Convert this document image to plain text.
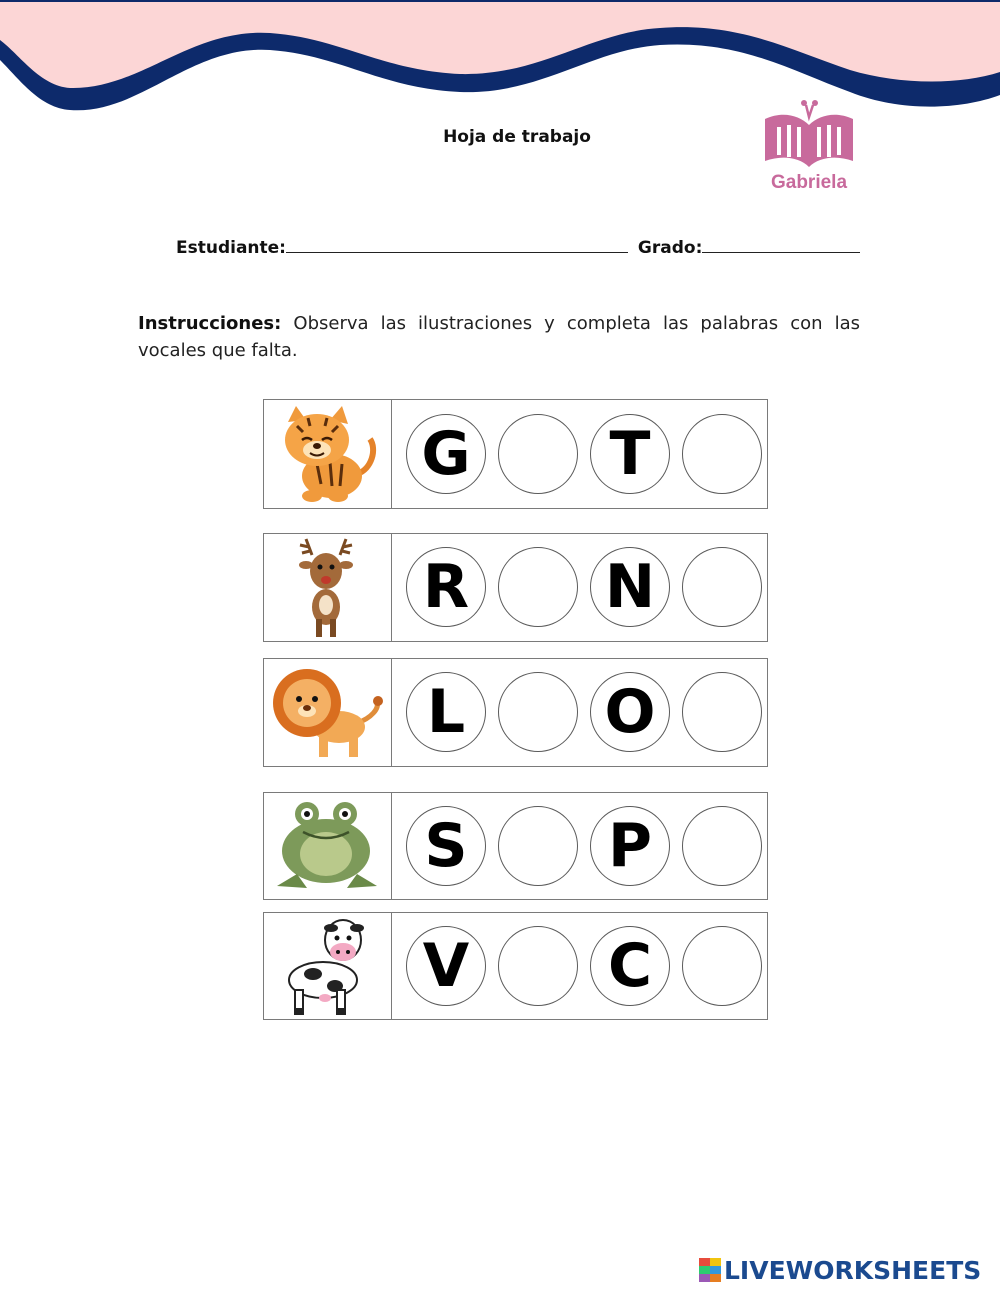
Hoja de trabajo
Gabriela
Estudiante:	Grado:
Instrucciones: Observa las ilustraciones y completa las palabras con las vocales que falta.
G T
R N
L O
S P
V C
LIVEWORKSHEETS
